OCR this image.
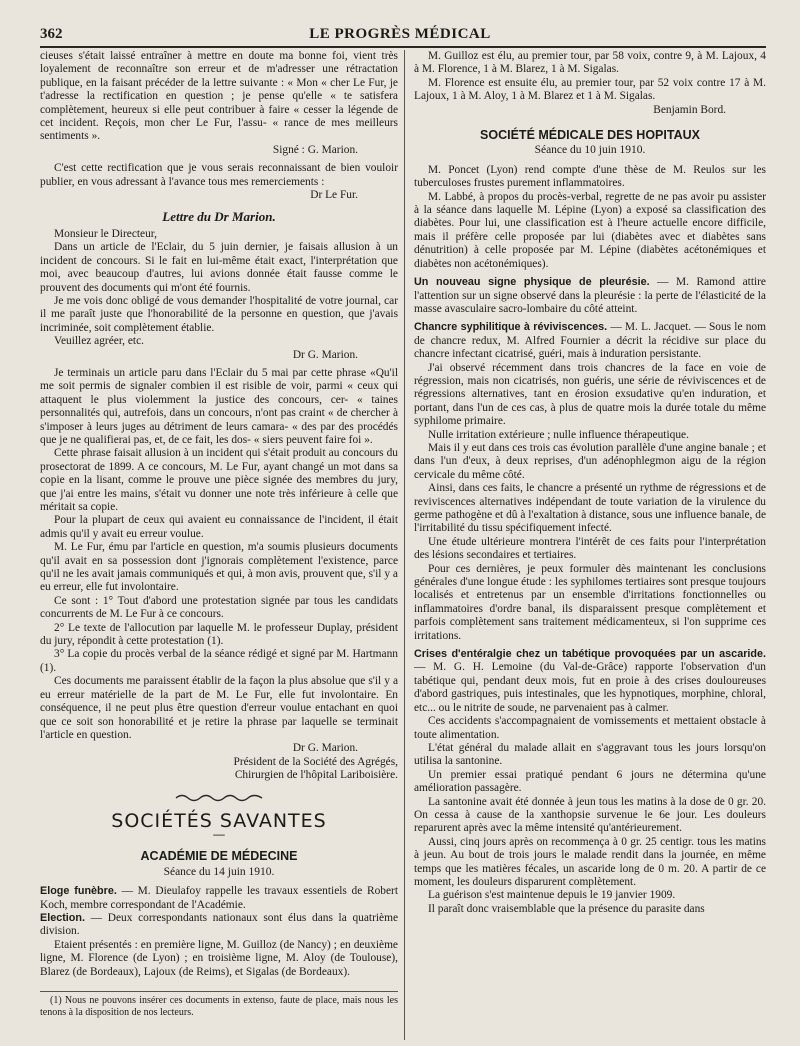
362	LE PROGRÈS MÉDICAL

cieuses s'était laissé entraîner à mettre en doute ma bonne foi, vient très loyalement de reconnaître son erreur et de m'adresser une rétractation publique, en la faisant précéder de la lettre suivante : « Mon « cher Le Fur, je t'adresse la rectification en question ; je pense qu'elle « te satisfera complètement, heureux si elle peut contribuer à faire « cesser la légende de cet incident. Reçois, mon cher Le Fur, l'assu- « rance de mes meilleurs sentiments ».

Signé : G. Marion.

C'est cette rectification que je vous serais reconnaissant de bien vouloir publier, en vous adressant à l'avance tous mes remerciements :

Dr Le Fur.

Lettre du Dr Marion.

Monsieur le Directeur,

Dans un article de l'Eclair, du 5 juin dernier, je faisais allusion à un incident de concours. Si le fait en lui-même était exact, l'interprétation que moi, avec beaucoup d'autres, lui avions donnée était fausse comme le prouvent des documents qui m'ont été fournis.

Je me vois donc obligé de vous demander l'hospitalité de votre journal, car il me paraît juste que l'honorabilité de la personne en question, que j'avais incriminée, soit complètement établie.

Veuillez agréer, etc.

Dr G. Marion.

Je terminais un article paru dans l'Eclair du 5 mai par cette phrase «Qu'il me soit permis de signaler combien il est risible de voir, parmi « ceux qui attaquent le plus violemment la justice des concours, cer- « taines personnalités qui, autrefois, dans un concours, n'ont pas craint « de chercher à s'imposer à leurs juges au détriment de leurs camara- « des par des procédés que je ne qualifierai pas, et, de ce fait, les dos- « siers peuvent faire foi ».

Cette phrase faisait allusion à un incident qui s'était produit au concours du prosectorat de 1899. A ce concours, M. Le Fur, ayant changé un mot dans sa copie en la lisant, comme le prouve une pièce signée des membres du jury, que j'ai entre les mains, s'était vu donner une note très inférieure à celle que méritait sa copie.

Pour la plupart de ceux qui avaient eu connaissance de l'incident, il était admis qu'il y avait eu erreur voulue.

M. Le Fur, ému par l'article en question, m'a soumis plusieurs documents qu'il avait en sa possession dont j'ignorais complètement l'existence, parce qu'il ne les avait jamais communiqués et qui, à mon avis, prouvent que, s'il y a eu erreur, elle fut involontaire.

Ce sont : 1° Tout d'abord une protestation signée par tous les candidats concurrents de M. Le Fur à ce concours.

2° Le texte de l'allocution par laquelle M. le professeur Duplay, président du jury, répondit à cette protestation (1).

3° La copie du procès verbal de la séance rédigé et signé par M. Hartmann (1).

Ces documents me paraissent établir de la façon la plus absolue que s'il y a eu erreur matérielle de la part de M. Le Fur, elle fut involontaire. En conséquence, il ne peut plus être question d'erreur voulue entachant en quoi que ce soit son honorabilité et je retire la phrase par laquelle se terminait l'article en question.

Dr G. Marion.

Président de la Société des Agrégés,

Chirurgien de l'hôpital Lariboisière.

SOCIÉTÉS SAVANTES
—
ACADÉMIE DE MÉDECINE
Séance du 14 juin 1910.

Eloge funèbre. — M. Dieulafoy rappelle les travaux essentiels de Robert Koch, membre correspondant de l'Académie.

Election. — Deux correspondants nationaux sont élus dans la quatrième division.

Etaient présentés : en première ligne, M. Guilloz (de Nancy) ; en deuxième ligne, M. Florence (de Lyon) ; en troisième ligne, M. Aloy (de Toulouse), Blarez (de Bordeaux), Lajoux (de Reims), et Sigalas (de Bordeaux).

(1) Nous ne pouvons insérer ces documents in extenso, faute de place, mais nous les tenons à la disposition de nos lecteurs.

M. Guilloz est élu, au premier tour, par 58 voix, contre 9, à M. Lajoux, 4 à M. Florence, 1 à M. Blarez, 1 à M. Sigalas.

M. Florence est ensuite élu, au premier tour, par 52 voix contre 17 à M. Lajoux, 1 à M. Aloy, 1 à M. Blarez et 1 à M. Sigalas.

Benjamin Bord.

SOCIÉTÉ MÉDICALE DES HOPITAUX
Séance du 10 juin 1910.

M. Poncet (Lyon) rend compte d'une thèse de M. Reulos sur les tuberculoses frustes purement inflammatoires.

M. Labbé, à propos du procès-verbal, regrette de ne pas avoir pu assister à la séance dans laquelle M. Lépine (Lyon) a exposé sa classification des diabètes. Pour lui, une classification est à l'heure actuelle encore difficile, mais il préfère celle proposée par lui (diabètes avec et diabètes sans dénutrition) à celle proposée par M. Lépine (diabètes acétonémiques et diabètes non acétonémiques).

Un nouveau signe physique de pleurésie. — M. Ramond attire l'attention sur un signe observé dans la pleurésie : la perte de l'élasticité de la masse avasculaire sacro-lombaire du côté atteint.

Chancre syphilitique à réviviscences. — M. L. Jacquet. — Sous le nom de chancre redux, M. Alfred Fournier a décrit la récidive sur place du chancre infectant cicatrisé, guéri, mais à induration persistante.

J'ai observé récemment dans trois chancres de la face en voie de régression, mais non cicatrisés, non guéris, une série de réviviscences et de régressions alternatives, tant en érosion exsudative qu'en induration, et portant, dans l'un de ces cas, à plus de quatre mois la durée totale du même syphilome primaire.

Nulle irritation extérieure ; nulle influence thérapeutique.

Mais il y eut dans ces trois cas évolution parallèle d'une angine banale ; et dans l'un d'eux, à deux reprises, d'un adénophlegmon aigu de la région cervicale du même côté.

Ainsi, dans ces faits, le chancre a présenté un rythme de régressions et de reviviscences alternatives indépendant de toute variation de la virulence du germe pathogène et dû à l'exaltation à distance, sous une influence banale, de l'irritabilité du tissu spécifiquement infecté.

Une étude ultérieure montrera l'intérêt de ces faits pour l'interprétation des lésions secondaires et tertiaires.

Pour ces dernières, je peux formuler dès maintenant les conclusions générales d'une longue étude : les syphilomes tertiaires sont presque toujours localisés et entretenus par un ensemble d'irritations fonctionnelles ou inflammatoires d'ordre banal, ils disparaissent presque complètement et parfois complètement sans traitement médicamenteux, si l'on supprime ces irritations.

Crises d'entéralgie chez un tabétique provoquées par un ascaride. — M. G. H. Lemoine (du Val-de-Grâce) rapporte l'observation d'un tabétique qui, pendant deux mois, fut en proie à des crises douloureuses d'abord gastriques, puis intestinales, que les hypnotiques, morphine, chloral, etc... ou le nitrite de soude, ne parvenaient pas à calmer.

Ces accidents s'accompagnaient de vomissements et mettaient obstacle à toute alimentation.

L'état général du malade allait en s'aggravant tous les jours lorsqu'on utilisa la santonine.

Un premier essai pratiqué pendant 6 jours ne détermina qu'une amélioration passagère.

La santonine avait été donnée à jeun tous les matins à la dose de 0 gr. 20. On cessa à cause de la xanthopsie survenue le 6e jour. Les douleurs reparurent après avec la même intensité qu'antérieurement.

Aussi, cinq jours après on recommença à 0 gr. 25 centigr. tous les matins à jeun. Au bout de trois jours le malade rendit dans la journée, en même temps que les matières fécales, un ascaride long de 0 m. 20. A partir de ce moment, les douleurs disparurent complètement.

La guérison s'est maintenue depuis le 19 janvier 1909.

Il paraît donc vraisemblable que la présence du parasite dans
